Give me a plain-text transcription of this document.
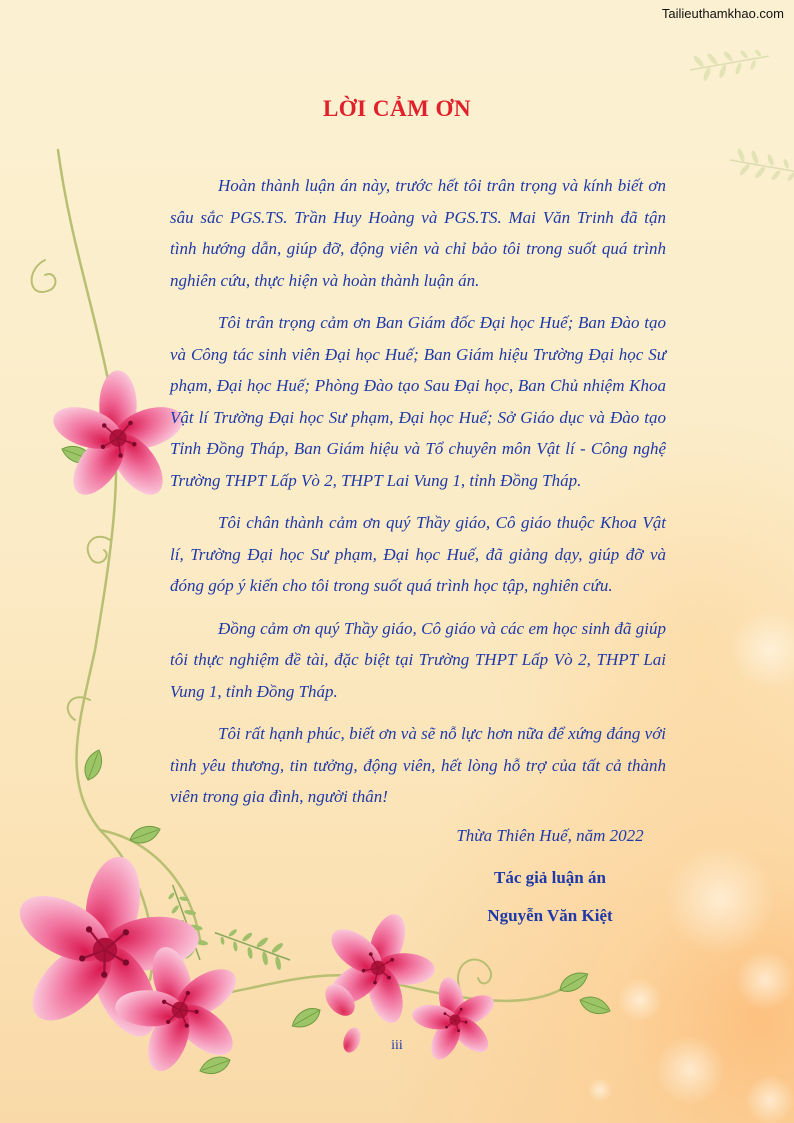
Tailieuthamkhao.com
LỜI CẢM ƠN

Hoàn thành luận án này, trước hết tôi trân trọng và kính biết ơn sâu sắc PGS.TS. Trần Huy Hoàng và PGS.TS. Mai Văn Trinh đã tận tình hướng dẫn, giúp đỡ, động viên và chỉ bảo tôi trong suốt quá trình nghiên cứu, thực hiện và hoàn thành luận án.

Tôi trân trọng cảm ơn Ban Giám đốc Đại học Huế; Ban Đào tạo và Công tác sinh viên Đại học Huế; Ban Giám hiệu Trường Đại học Sư phạm, Đại học Huế; Phòng Đào tạo Sau Đại học, Ban Chủ nhiệm Khoa Vật lí Trường Đại học Sư phạm, Đại học Huế; Sở Giáo dục và Đào tạo Tỉnh Đồng Tháp, Ban Giám hiệu và Tổ chuyên môn Vật lí - Công nghệ Trường THPT Lấp Vò 2, THPT Lai Vung 1, tỉnh Đồng Tháp.

Tôi chân thành cảm ơn quý Thầy giáo, Cô giáo thuộc Khoa Vật lí, Trường Đại học Sư phạm, Đại học Huế, đã giảng dạy, giúp đỡ và đóng góp ý kiến cho tôi trong suốt quá trình học tập, nghiên cứu.

Đồng cảm ơn quý Thầy giáo, Cô giáo và các em học sinh đã giúp tôi thực nghiệm đề tài, đặc biệt tại Trường THPT Lấp Vò 2, THPT Lai Vung 1, tỉnh Đồng Tháp.

Tôi rất hạnh phúc, biết ơn và sẽ nỗ lực hơn nữa để xứng đáng với tình yêu thương, tin tưởng, động viên, hết lòng hỗ trợ của tất cả thành viên trong gia đình, người thân!

Thừa Thiên Huế, năm 2022
Tác giả luận án
Nguyễn Văn Kiệt
iii
